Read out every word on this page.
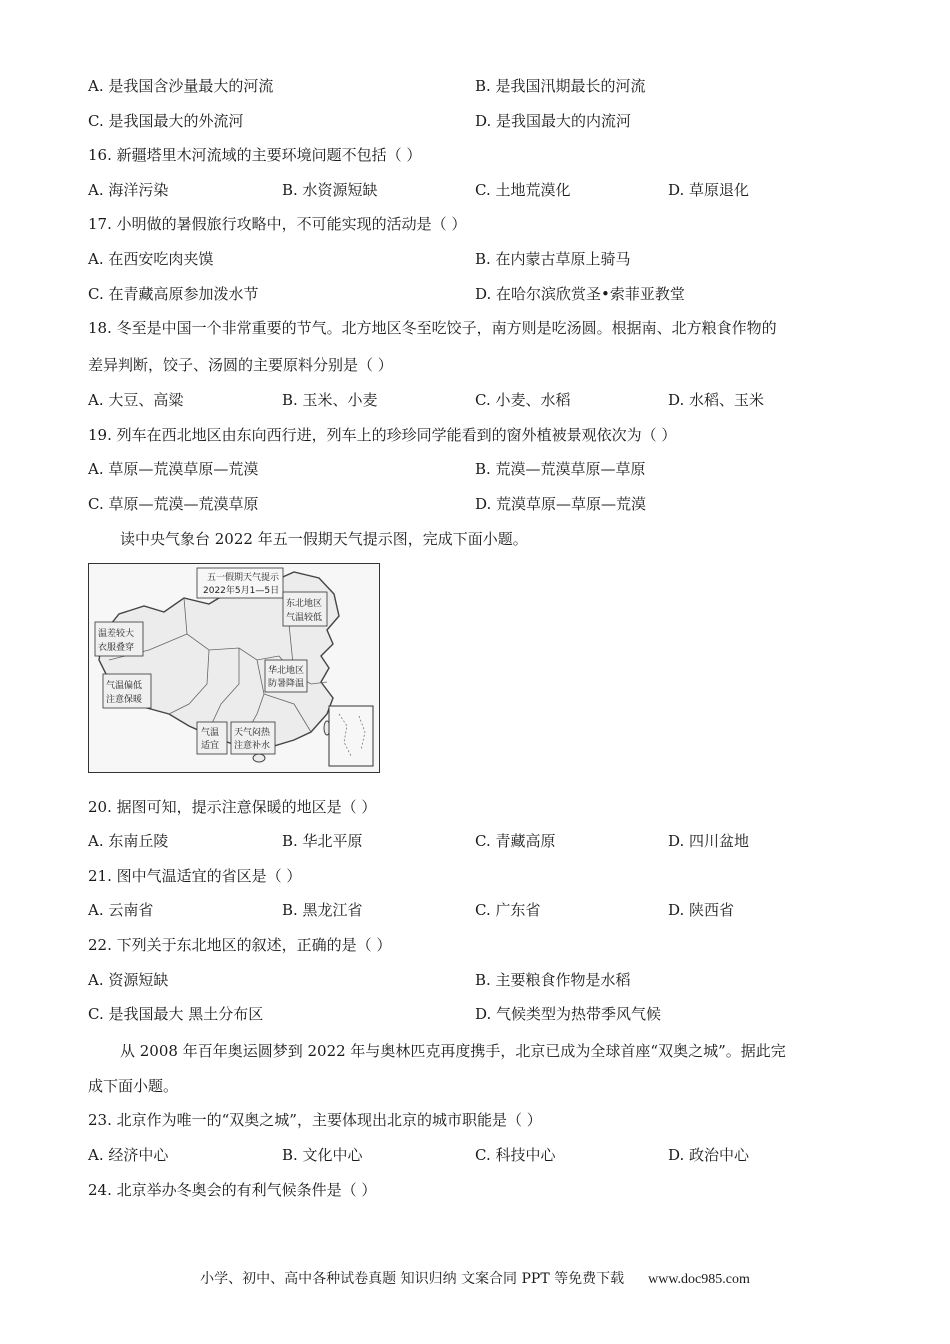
A. 是我国含沙量最大的河流	B. 是我国汛期最长的河流
C. 是我国最大的外流河	D. 是我国最大的内流河
16. 新疆塔里木河流域的主要环境问题不包括（ ）
A. 海洋污染	B. 水资源短缺	C. 土地荒漠化	D. 草原退化
17. 小明做的暑假旅行攻略中，不可能实现的活动是（ ）
A. 在西安吃肉夹馍	B. 在内蒙古草原上骑马
C. 在青藏高原参加泼水节	D. 在哈尔滨欣赏圣•索菲亚教堂
18. 冬至是中国一个非常重要的节气。北方地区冬至吃饺子，南方则是吃汤圆。根据南、北方粮食作物的
差异判断，饺子、汤圆的主要原料分别是（ ）
A. 大豆、高粱	B. 玉米、小麦	C. 小麦、水稻	D. 水稻、玉米
19. 列车在西北地区由东向西行进，列车上的珍珍同学能看到的窗外植被景观依次为（ ）
A. 草原—荒漠草原—荒漠	B. 荒漠—荒漠草原—草原
C. 草原—荒漠—荒漠草原	D. 荒漠草原—草原—荒漠
读中央气象台 2022 年五一假期天气提示图，完成下面小题。
五一假期天气提示
2022年5月1—5日
温差较大
衣服叠穿
气温偏低
注意保暖
东北地区
气温较低
华北地区
防暑降温
气温
适宜
天气闷热
注意补水
20. 据图可知，提示注意保暖的地区是（ ）
A. 东南丘陵	B. 华北平原	C. 青藏高原	D. 四川盆地
21. 图中气温适宜的省区是（ ）
A. 云南省	B. 黑龙江省	C. 广东省	D. 陕西省
22. 下列关于东北地区的叙述，正确的是（ ）
A. 资源短缺	B. 主要粮食作物是水稻
C. 是我国最大 黑土分布区	D. 气候类型为热带季风气候
从 2008 年百年奥运圆梦到 2022 年与奥林匹克再度携手，北京已成为全球首座“双奥之城”。据此完
成下面小题。
23. 北京作为唯一的“双奥之城”，主要体现出北京的城市职能是（ ）
A. 经济中心	B. 文化中心	C. 科技中心	D. 政治中心
24. 北京举办冬奥会的有利气候条件是（ ）
小学、初中、高中各种试卷真题 知识归纳 文案合同 PPT 等免费下载 www.doc985.com
